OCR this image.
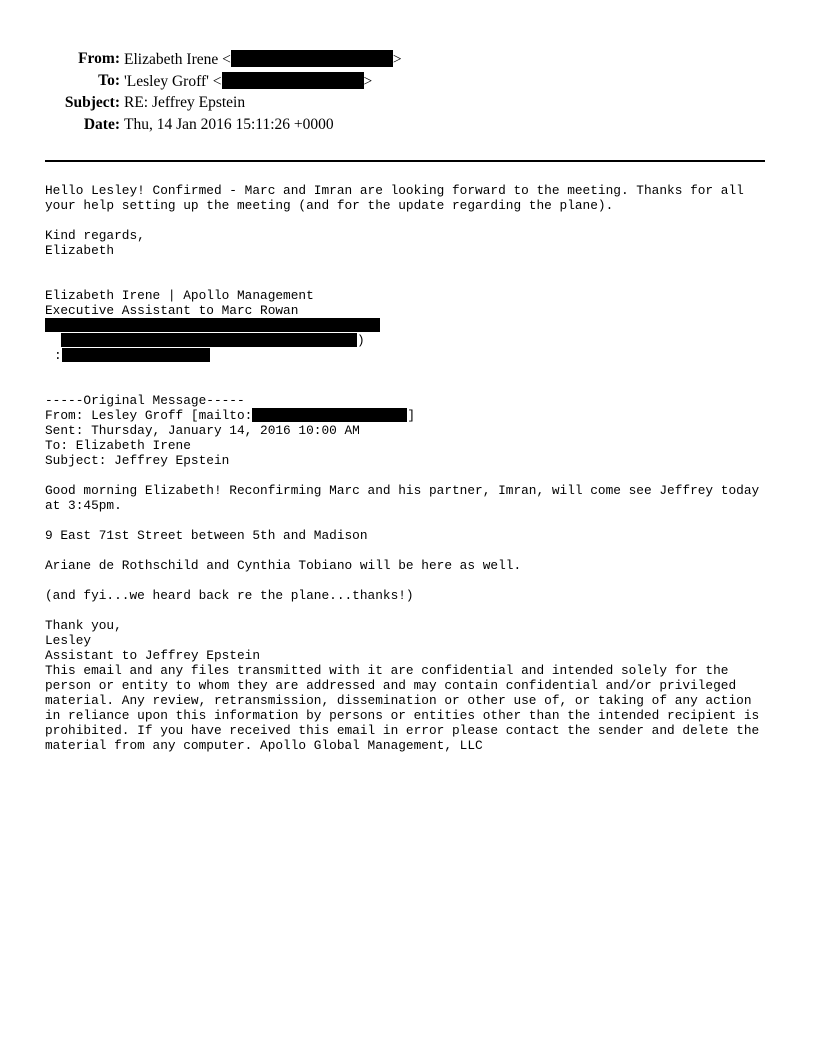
From: Elizabeth Irene <	>
To: 'Lesley Groff' <	>
Subject: RE: Jeffrey Epstein
Date: Thu, 14 Jan 2016 15:11:26 +0000
Hello Lesley! Confirmed - Marc and Imran are looking forward to the meeting. Thanks for all
your help setting up the meeting (and for the update regarding the plane).
Kind regards,
Elizabeth
Elizabeth Irene | Apollo Management
Executive Assistant to Marc Rowan
)
:
-----Original Message-----
From: Lesley Groff [mailto:	]
Sent: Thursday, January 14, 2016 10:00 AM
To: Elizabeth Irene
Subject: Jeffrey Epstein
Good morning Elizabeth! Reconfirming Marc and his partner, Imran, will come see Jeffrey today
at 3:45pm.
9 East 71st Street between 5th and Madison
Ariane de Rothschild and Cynthia Tobiano will be here as well.
(and fyi...we heard back re the plane...thanks!)
Thank you,
Lesley
Assistant to Jeffrey Epstein
This email and any files transmitted with it are confidential and intended solely for the
person or entity to whom they are addressed and may contain confidential and/or privileged
material. Any review, retransmission, dissemination or other use of, or taking of any action
in reliance upon this information by persons or entities other than the intended recipient is
prohibited. If you have received this email in error please contact the sender and delete the
material from any computer. Apollo Global Management, LLC
